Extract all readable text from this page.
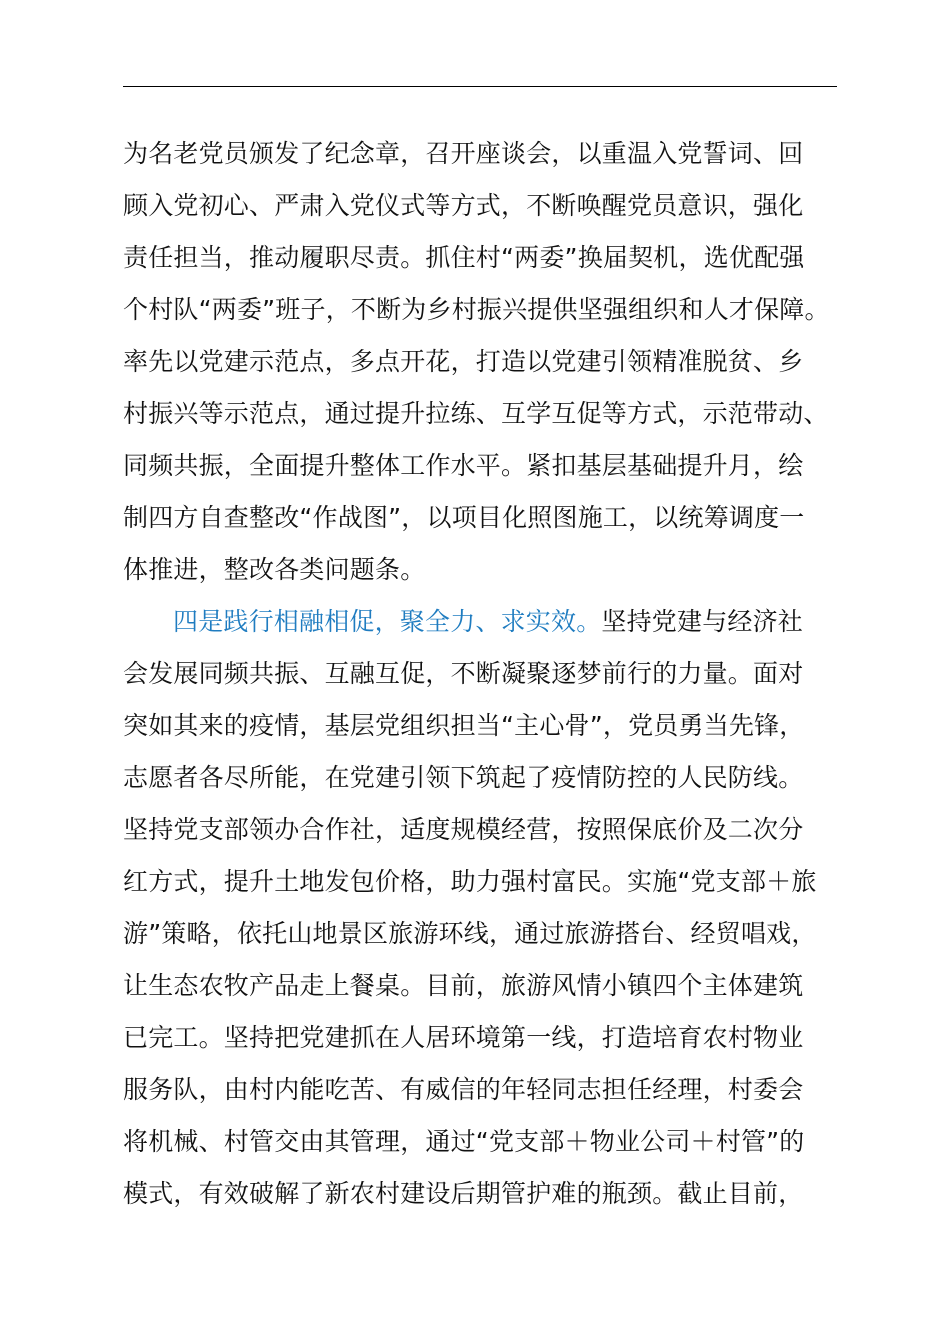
为名老党员颁发了纪念章，召开座谈会，以重温入党誓词、回

顾入党初心、严肃入党仪式等方式，不断唤醒党员意识，强化

责任担当，推动履职尽责。抓住村“两委”换届契机，选优配强

个村队“两委”班子，不断为乡村振兴提供坚强组织和人才保障。

率先以党建示范点，多点开花，打造以党建引领精准脱贫、乡

村振兴等示范点，通过提升拉练、互学互促等方式，示范带动、

同频共振，全面提升整体工作水平。紧扣基层基础提升月，绘

制四方自查整改“作战图”，以项目化照图施工，以统筹调度一

体推进，整改各类问题条。

四是践行相融相促，聚全力、求实效。坚持党建与经济社

会发展同频共振、互融互促，不断凝聚逐梦前行的力量。面对

突如其来的疫情，基层党组织担当“主心骨”，党员勇当先锋，

志愿者各尽所能，在党建引领下筑起了疫情防控的人民防线。

坚持党支部领办合作社，适度规模经营，按照保底价及二次分

红方式，提升土地发包价格，助力强村富民。实施“党支部＋旅

游”策略，依托山地景区旅游环线，通过旅游搭台、经贸唱戏，

让生态农牧产品走上餐桌。目前，旅游风情小镇四个主体建筑

已完工。坚持把党建抓在人居环境第一线，打造培育农村物业

服务队，由村内能吃苦、有威信的年轻同志担任经理，村委会

将机械、村管交由其管理，通过“党支部＋物业公司＋村管”的

模式，有效破解了新农村建设后期管护难的瓶颈。截止目前，
